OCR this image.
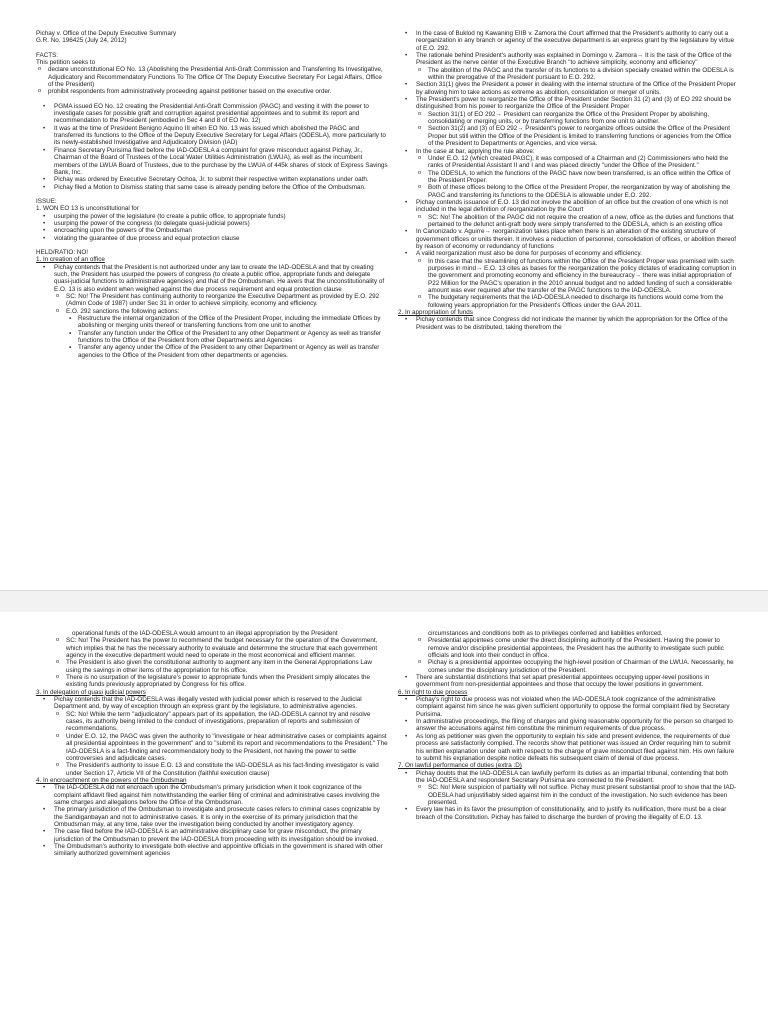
Pichay v. Office of the Deputy Executive Summary
G.R. No. 196425 (July 24, 2012)
FACTS:
This petition seeks to
o declare unconstitutional EO No. 13 (Abolishing the Presidential Anti-Graft Commission and Transferring Its Investigative, Adjudicatory and Recommendatory Functions To The Office Of The Deputy Executive Secretary For Legal Affairs, Office of the President)
o prohibit respondents from administratively proceeding against petitioner based on the executive order.
• PGMA issued EO No. 12 creating the Presidential Anti-Graft Commission (PAGC) and vesting it with the power to investigate cases for possible graft and corruption against presidential appointees and to submit its report and recommendation to the President (embodied in Sec 4 and 8 of EO No. 12)
• It was at the time of President Benigno Aquino III when EO No. 13 was issued which abolished the PAGC and transferred its functions to the Office of the Deputy Executive Secretary for Legal Affairs (ODESLA), more particularly to its newly-established Investigative and Adjudicatory Division (IAD)
• Finance Secretary Purisima filed before the IAD-ODESLA a complaint for grave misconduct against Pichay, Jr., Chairman of the Board of Trustees of the Local Water Utilities Administration (LWUA), as well as the incumbent members of the LWUA Board of Trustees, due to the purchase by the LWUA of 445k shares of stock of Express Savings Bank, Inc.
• Pichay was ordered by Executive Secretary Ochoa, Jr. to submit their respective written explanations under oath.
• Pichay filed a Motion to Dismiss stating that same case is already pending before the Office of the Ombudsman.
ISSUE:
1. WON EO 13 is unconstitutional for
• usurping the power of the legislature (to create a public office, to appropriate funds)
• usurping the power of the congress (to delegate quasi-judicial powers)
• encroaching upon the powers of the Ombudsman
• violating the guarantee of due process and equal protection clause
HELD/RATIO: NO!
1. In creation of an office
• Pichay contends that the President is not authorized under any law to create the IAD-ODESLA and that by creating such, the President has usurped the powers of congress (to create a public office, appropriate funds and delegate quasi-judicial functions to administrative agencies) and that of the Ombudsman. He avers that the unconstitutionality of E.O. 13 is also evident when weighed against the due process requirement and equal protection clause
o SC: No! The President has continuing authority to reorganize the Executive Department as provided by E.O. 292 (Admin Code of 1987) under Sec 31 in order to achieve simplicity, economy and efficiency.
o E.O. 292 sanctions the following actions:
▪ Restructure the internal organization of the Office of the President Proper, including the immediate Offices by abolishing or merging units thereof or transferring functions from one unit to another
▪ Transfer any function under the Office of the President to any other Department or Agency as well as transfer functions to the Office of the President from other Departments and Agencies
▪ Transfer any agency under the Office of the President to any other Department or Agency as well as transfer agencies to the Office of the President from other departments or agencies.
• In the case of Buklod ng Kawaning EIIB v. Zamora the Court affirmed that the President's authority to carry out a reorganization in any branch or agency of the executive department is an express grant by the legislature by virtue of E.O. 292.
• The rationale behind President's authority was explained in Domingo v. Zamora→ It is the task of the Office of the President as the nerve center of the Executive Branch "to achieve simplicity, economy and efficiency"
o The abolition of the PAGC and the transfer of its functions to a division specially created within the ODESLA is within the prerogative of the President pursuant to E.O. 292.
• Section 31(1) gives the President a power in dealing with the internal structure of the Office of the President Proper by allowing him to take actions as extreme as abolition, consolidation or merger of units.
• The President's power to reorganize the Office of the President under Section 31 (2) and (3) of EO 292 should be distinguished from his power to reorganize the Office of the President Proper
o Section 31(1) of EO 292→ President can reorganize the Office of the President Proper by abolishing, consolidating or merging units, or by transferring functions from one unit to another.
o Section 31(2) and (3) of EO 292→ President's power to reorganize offices outside the Office of the President Proper but still within the Office of the President is limited to transferring functions or agencies from the Office of the President to Departments or Agencies, and vice versa.
• In the case at bar, applying the rule above:
o Under E.O. 12 (which created PAGC), it was composed of a Chairman and (2) Commissioners who held the ranks of Presidential Assistant II and I and was placed directly "under the Office of the President."
o The ODESLA, to which the functions of the PAGC have now been transferred, is an office within the Office of the President Proper.
o Both of these offices belong to the Office of the President Proper, the reorganization by way of abolishing the PAGC and transferring its functions to the ODESLA is allowable under E.O. 292.
• Pichay contends issuance of E.O. 13 did not involve the abolition of an office but the creation of one which is not included in the legal definition of reorganization by the Court
o SC: No! The abolition of the PAGC did not require the creation of a new, office as the duties and functions that pertained to the defunct anti-graft body were simply transferred to the ODESLA, which is an existing office
• In Canonizado v. Aguirre→ reorganization takes place when there is an alteration of the existing structure of government offices or units therein. It involves a reduction of personnel, consolidation of offices, or abolition thereof by reason of economy or redundancy of functions
• A valid reorganization must also be done for purposes of economy and efficiency.
o In this case that the streamlining of functions within the Office of the President Proper was premised with such purposes in mind→ E.O. 13 cites as bases for the reorganization the policy dictates of eradicating corruption in the government and promoting economy and efficiency in the bureaucracy→ there was initial appropriation of P22 Million for the PAGC's operation in the 2010 annual budget and no added funding of such a considerable amount was ever required after the transfer of the PAGC functions to the IAD-ODESLA.
o The budgetary requirements that the IAD-ODESLA needed to discharge its functions would come from the following years appropriation for the President's Offices under the GAA 2011.
2. In appropriation of funds
• Pichay contends that since Congress did not indicate the manner by which the appropriation for the Office of the President was to be distributed, taking therefrom the
operational funds of the IAD-ODESLA would amount to an illegal appropriation by the President
o SC: No! The President has the power to recommend the budget necessary for the operation of the Government, which implies that he has the necessary authority to evaluate and determine the structure that each government agency in the executive department would need to operate in the most economical and efficient manner.
o The President is also given the constitutional authority to augment any item in the General Appropriations Law using the savings in other items of the appropriation for his office.
o There is no usurpation of the legislature's power to appropriate funds when the President simply allocates the existing funds previously appropriated by Congress for his office.
3. In delegation of quasi judicial powers
• Pichay contends that the IAD-ODESLA was illegally vested with judicial power which is reserved to the Judicial Department and, by way of exception through an express grant by the legislature, to administrative agencies.
o SC: No! While the term "adjudicatory" appears part of its appellation, the IAD-ODESLA cannot try and resolve cases, its authority being limited to the conduct of investigations, preparation of reports and submission of recommendations.
o Under E.O. 12, the PAGC was given the authority to "investigate or hear administrative cases or complaints against all presidential appointees in the government" and to "submit its report and recommendations to the President." The IAD-ODESLA is a fact-finding and recommendatory body to the President, not having the power to settle controversies and adjudicate cases.
o The President's authority to issue E.O. 13 and constitute the IAD-ODESLA as his fact-finding investigator is valid under Section 17, Article VII of the Constitution (faithful execution clause)
4. In encroachment on the powers of the Ombudsman
• The IAD-ODESLA did not encroach upon the Ombudsman's primary jurisdiction when it took cognizance of the complaint affidavit filed against him notwithstanding the earlier filing of criminal and administrative cases involving the same charges and allegations before the Office of the Ombudsman.
• The primary jurisdiction of the Ombudsman to investigate and prosecute cases refers to criminal cases cognizable by the Sandiganbayan and not to administrative cases. It is only in the exercise of its primary jurisdiction that the Ombudsman may, at any time, take over the investigation being conducted by another investigatory agency.
• The case filed before the IAD-ODESLA is an administrative disciplinary case for grave misconduct, the primary jurisdiction of the Ombudsman to prevent the IAD-ODESLA from proceeding with its investigation should be invoked.
• The Ombudsman's authority to investigate both elective and appointive officials in the government is shared with other similarly authorized government agencies
circumstances and conditions both as to privileges conferred and liabilities enforced.
o Presidential appointees come under the direct disciplining authority of the President. Having the power to remove and/or discipline presidential appointees, the President has the authority to investigate such public officials and look into their conduct in office.
o Pichay is a presidential appointee occupying the high-level position of Chairman of the LWUA. Necessarily, he comes under the disciplinary jurisdiction of the President.
• There are substantial distinctions that set apart presidential appointees occupying upper-level positions in government from non-presidential appointees and those that occupy the lower positions in government.
6. In right to due process
• Pichay's right to due process was not violated when the IAD-ODESLA took cognizance of the administrative complaint against him since he was given sufficient opportunity to oppose the formal complaint filed by Secretary Purisima.
• In administrative proceedings, the filing of charges and giving reasonable opportunity for the person so charged to answer the accusations against him constitute the minimum requirements of due process.
• As long as petitioner was given the opportunity to explain his side and present evidence, the requirements of due process are satisfactorily complied. The records show that petitioner was issued an Order requiring him to submit his written explanation under oath with respect to the charge of grave misconduct filed against him. His own failure to submit his explanation despite notice defeats his subsequent claim of denial of due process.
7. On lawful performance of duties (extra :D)
• Pichay doubts that the IAD-ODESLA can lawfully perform its duties as an impartial tribunal, contending that both the IAD-ODESLA and respondent Secretary Purisima are connected to the President.
o SC: No! Mere suspicion of partiality will not suffice. Pichay must present substantial proof to show that the IAD-ODESLA had unjustifiably sided against him in the conduct of the investigation. No such evidence has been presented.
• Every law has in its favor the presumption of constitutionality, and to justify its nullification, there must be a clear breach of the Constitution. Pichay has failed to discharge the burden of proving the illegality of E.O. 13.
